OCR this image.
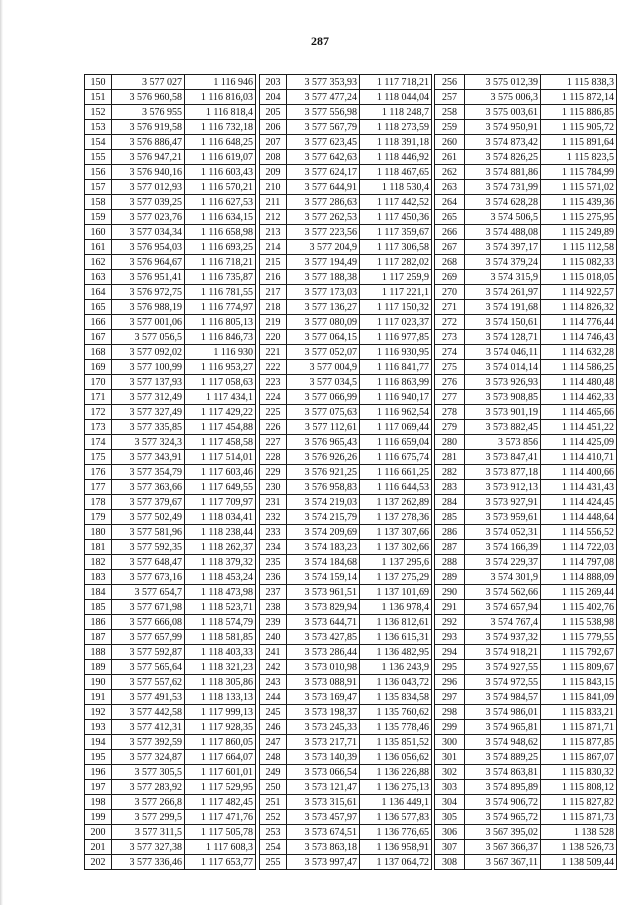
287
150	3 577 027	1 116 946
151	3 576 960,58	1 116 816,03
152	3 576 955	1 116 818,4
153	3 576 919,58	1 116 732,18
154	3 576 886,47	1 116 648,25
155	3 576 947,21	1 116 619,07
156	3 576 940,16	1 116 603,43
157	3 577 012,93	1 116 570,21
158	3 577 039,25	1 116 627,53
159	3 577 023,76	1 116 634,15
160	3 577 034,34	1 116 658,98
161	3 576 954,03	1 116 693,25
162	3 576 964,67	1 116 718,21
163	3 576 951,41	1 116 735,87
164	3 576 972,75	1 116 781,55
165	3 576 988,19	1 116 774,97
166	3 577 001,06	1 116 805,13
167	3 577 056,5	1 116 846,73
168	3 577 092,02	1 116 930
169	3 577 100,99	1 116 953,27
170	3 577 137,93	1 117 058,63
171	3 577 312,49	1 117 434,1
172	3 577 327,49	1 117 429,22
173	3 577 335,85	1 117 454,88
174	3 577 324,3	1 117 458,58
175	3 577 343,91	1 117 514,01
176	3 577 354,79	1 117 603,46
177	3 577 363,66	1 117 649,55
178	3 577 379,67	1 117 709,97
179	3 577 502,49	1 118 034,41
180	3 577 581,96	1 118 238,44
181	3 577 592,35	1 118 262,37
182	3 577 648,47	1 118 379,32
183	3 577 673,16	1 118 453,24
184	3 577 654,7	1 118 473,98
185	3 577 671,98	1 118 523,71
186	3 577 666,08	1 118 574,79
187	3 577 657,99	1 118 581,85
188	3 577 592,87	1 118 403,33
189	3 577 565,64	1 118 321,23
190	3 577 557,62	1 118 305,86
191	3 577 491,53	1 118 133,13
192	3 577 442,58	1 117 999,13
193	3 577 412,31	1 117 928,35
194	3 577 392,59	1 117 860,05
195	3 577 324,87	1 117 664,07
196	3 577 305,5	1 117 601,01
197	3 577 283,92	1 117 529,95
198	3 577 266,8	1 117 482,45
199	3 577 299,5	1 117 471,76
200	3 577 311,5	1 117 505,78
201	3 577 327,38	1 117 608,3
202	3 577 336,46	1 117 653,77
203	3 577 353,93	1 117 718,21
204	3 577 477,24	1 118 044,04
205	3 577 556,98	1 118 248,7
206	3 577 567,79	1 118 273,59
207	3 577 623,45	1 118 391,18
208	3 577 642,63	1 118 446,92
209	3 577 624,17	1 118 467,65
210	3 577 644,91	1 118 530,4
211	3 577 286,63	1 117 442,52
212	3 577 262,53	1 117 450,36
213	3 577 223,56	1 117 359,67
214	3 577 204,9	1 117 306,58
215	3 577 194,49	1 117 282,02
216	3 577 188,38	1 117 259,9
217	3 577 173,03	1 117 221,1
218	3 577 136,27	1 117 150,32
219	3 577 080,09	1 117 023,37
220	3 577 064,15	1 116 977,85
221	3 577 052,07	1 116 930,95
222	3 577 004,9	1 116 841,77
223	3 577 034,5	1 116 863,99
224	3 577 066,99	1 116 940,17
225	3 577 075,63	1 116 962,54
226	3 577 112,61	1 117 069,44
227	3 576 965,43	1 116 659,04
228	3 576 926,26	1 116 675,74
229	3 576 921,25	1 116 661,25
230	3 576 958,83	1 116 644,53
231	3 574 219,03	1 137 262,89
232	3 574 215,79	1 137 278,36
233	3 574 209,69	1 137 307,66
234	3 574 183,23	1 137 302,66
235	3 574 184,68	1 137 295,6
236	3 574 159,14	1 137 275,29
237	3 573 961,51	1 137 101,69
238	3 573 829,94	1 136 978,4
239	3 573 644,71	1 136 812,61
240	3 573 427,85	1 136 615,31
241	3 573 286,44	1 136 482,95
242	3 573 010,98	1 136 243,9
243	3 573 088,91	1 136 043,72
244	3 573 169,47	1 135 834,58
245	3 573 198,37	1 135 760,62
246	3 573 245,33	1 135 778,46
247	3 573 217,71	1 135 851,52
248	3 573 140,39	1 136 056,62
249	3 573 066,54	1 136 226,88
250	3 573 121,47	1 136 275,13
251	3 573 315,61	1 136 449,1
252	3 573 457,97	1 136 577,83
253	3 573 674,51	1 136 776,65
254	3 573 863,18	1 136 958,91
255	3 573 997,47	1 137 064,72
256	3 575 012,39	1 115 838,3
257	3 575 006,3	1 115 872,14
258	3 575 003,61	1 115 886,85
259	3 574 950,91	1 115 905,72
260	3 574 873,42	1 115 891,64
261	3 574 826,25	1 115 823,5
262	3 574 881,86	1 115 784,99
263	3 574 731,99	1 115 571,02
264	3 574 628,28	1 115 439,36
265	3 574 506,5	1 115 275,95
266	3 574 488,08	1 115 249,89
267	3 574 397,17	1 115 112,58
268	3 574 379,24	1 115 082,33
269	3 574 315,9	1 115 018,05
270	3 574 261,97	1 114 922,57
271	3 574 191,68	1 114 826,32
272	3 574 150,61	1 114 776,44
273	3 574 128,71	1 114 746,43
274	3 574 046,11	1 114 632,28
275	3 574 014,14	1 114 586,25
276	3 573 926,93	1 114 480,48
277	3 573 908,85	1 114 462,33
278	3 573 901,19	1 114 465,66
279	3 573 882,45	1 114 451,22
280	3 573 856	1 114 425,09
281	3 573 847,41	1 114 410,71
282	3 573 877,18	1 114 400,66
283	3 573 912,13	1 114 431,43
284	3 573 927,91	1 114 424,45
285	3 573 959,61	1 114 448,64
286	3 574 052,31	1 114 556,52
287	3 574 166,39	1 114 722,03
288	3 574 229,37	1 114 797,08
289	3 574 301,9	1 114 888,09
290	3 574 562,66	1 115 269,44
291	3 574 657,94	1 115 402,76
292	3 574 767,4	1 115 538,98
293	3 574 937,32	1 115 779,55
294	3 574 918,21	1 115 792,67
295	3 574 927,55	1 115 809,67
296	3 574 972,55	1 115 843,15
297	3 574 984,57	1 115 841,09
298	3 574 986,01	1 115 833,21
299	3 574 965,81	1 115 871,71
300	3 574 948,62	1 115 877,85
301	3 574 889,25	1 115 867,07
302	3 574 863,81	1 115 830,32
303	3 574 895,89	1 115 808,12
304	3 574 906,72	1 115 827,82
305	3 574 965,72	1 115 871,73
306	3 567 395,02	1 138 528
307	3 567 366,37	1 138 526,73
308	3 567 367,11	1 138 509,44
